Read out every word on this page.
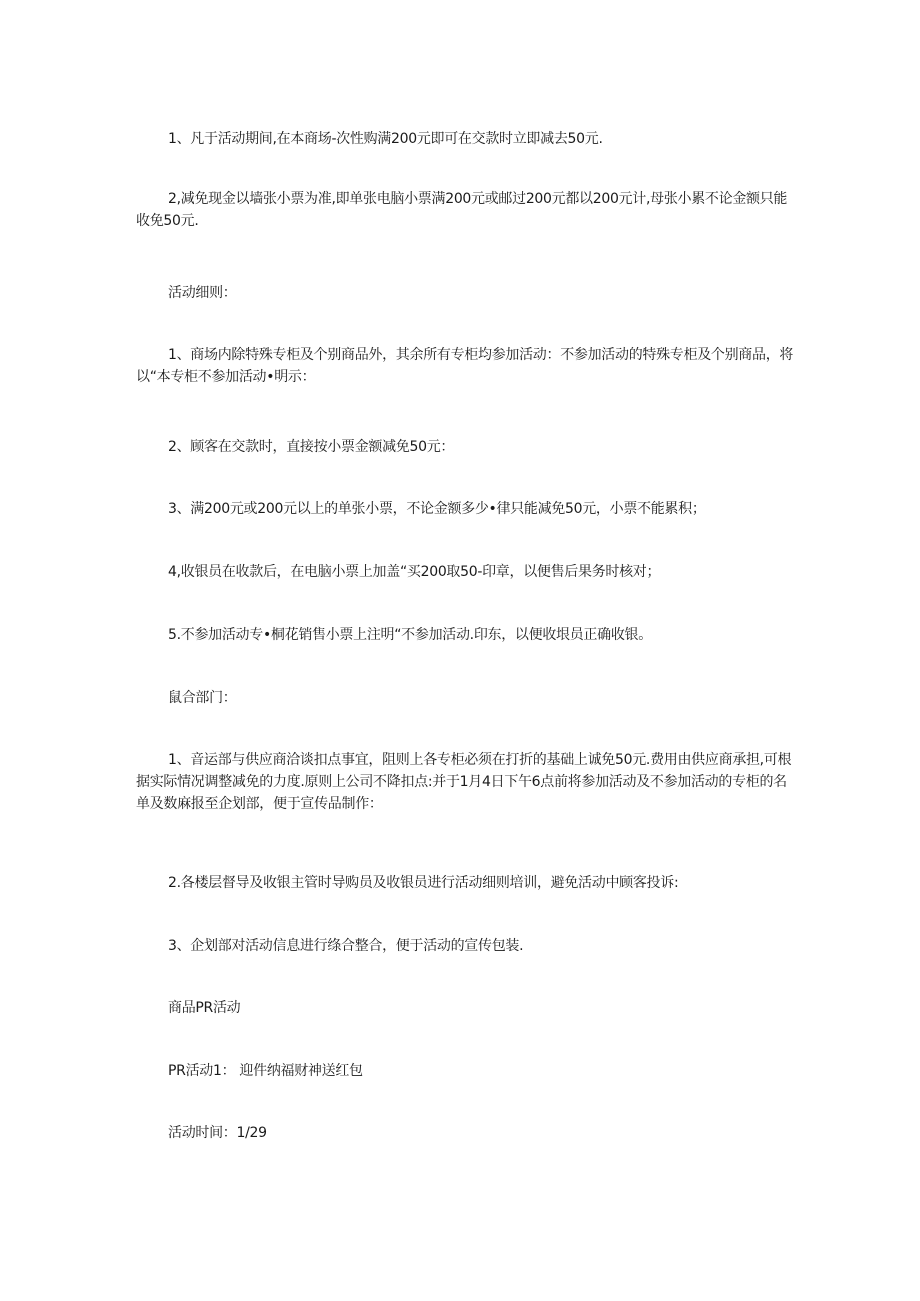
1、凡于活动期间,在本商场-次性购满200元即可在交款时立即减去50元.

2,减免现金以墙张小票为准,即单张电脑小票满200元或邮过200元都以200元计,母张小累不论金额只能收免50元.

活动细则：

1、商场内除特殊专柜及个别商品外，其余所有专柜均参加活动：不参加活动的特殊专柜及个别商品，将以“本专柜不参加活动•明示：

2、顾客在交款时，直接按小票金额减免50元：

3、满200元或200元以上的单张小票，不论金额多少•律只能减免50元，小票不能累积；

4,收银员在收款后，在电脑小票上加盖“买200取50-印章，以便售后果务时核对；

5.不参加活动专•桐花销售小票上注明“不参加活动.印东，以便收垠员正确收银。

鼠合部门：

1、音运部与供应商洽谈扣点事宜，阻则上各专柜必须在打折的基础上诚免50元.费用由供应商承担,可根据实际情况调整减免的力度.原则上公司不降扣点:并于1月4日下午6点前将参加活动及不参加活动的专柜的名单及数麻报至企划部，便于宣传品制作：

2.各楼层督导及收银主管时导购员及收银员进行活动细则培训，避免活动中顾客投诉:

3、企划部对活动信息进行绦合整合，便于活动的宣传包装.

商品PR活动

PR活动1： 迎件纳福财神送红包

活动时间：1/29
